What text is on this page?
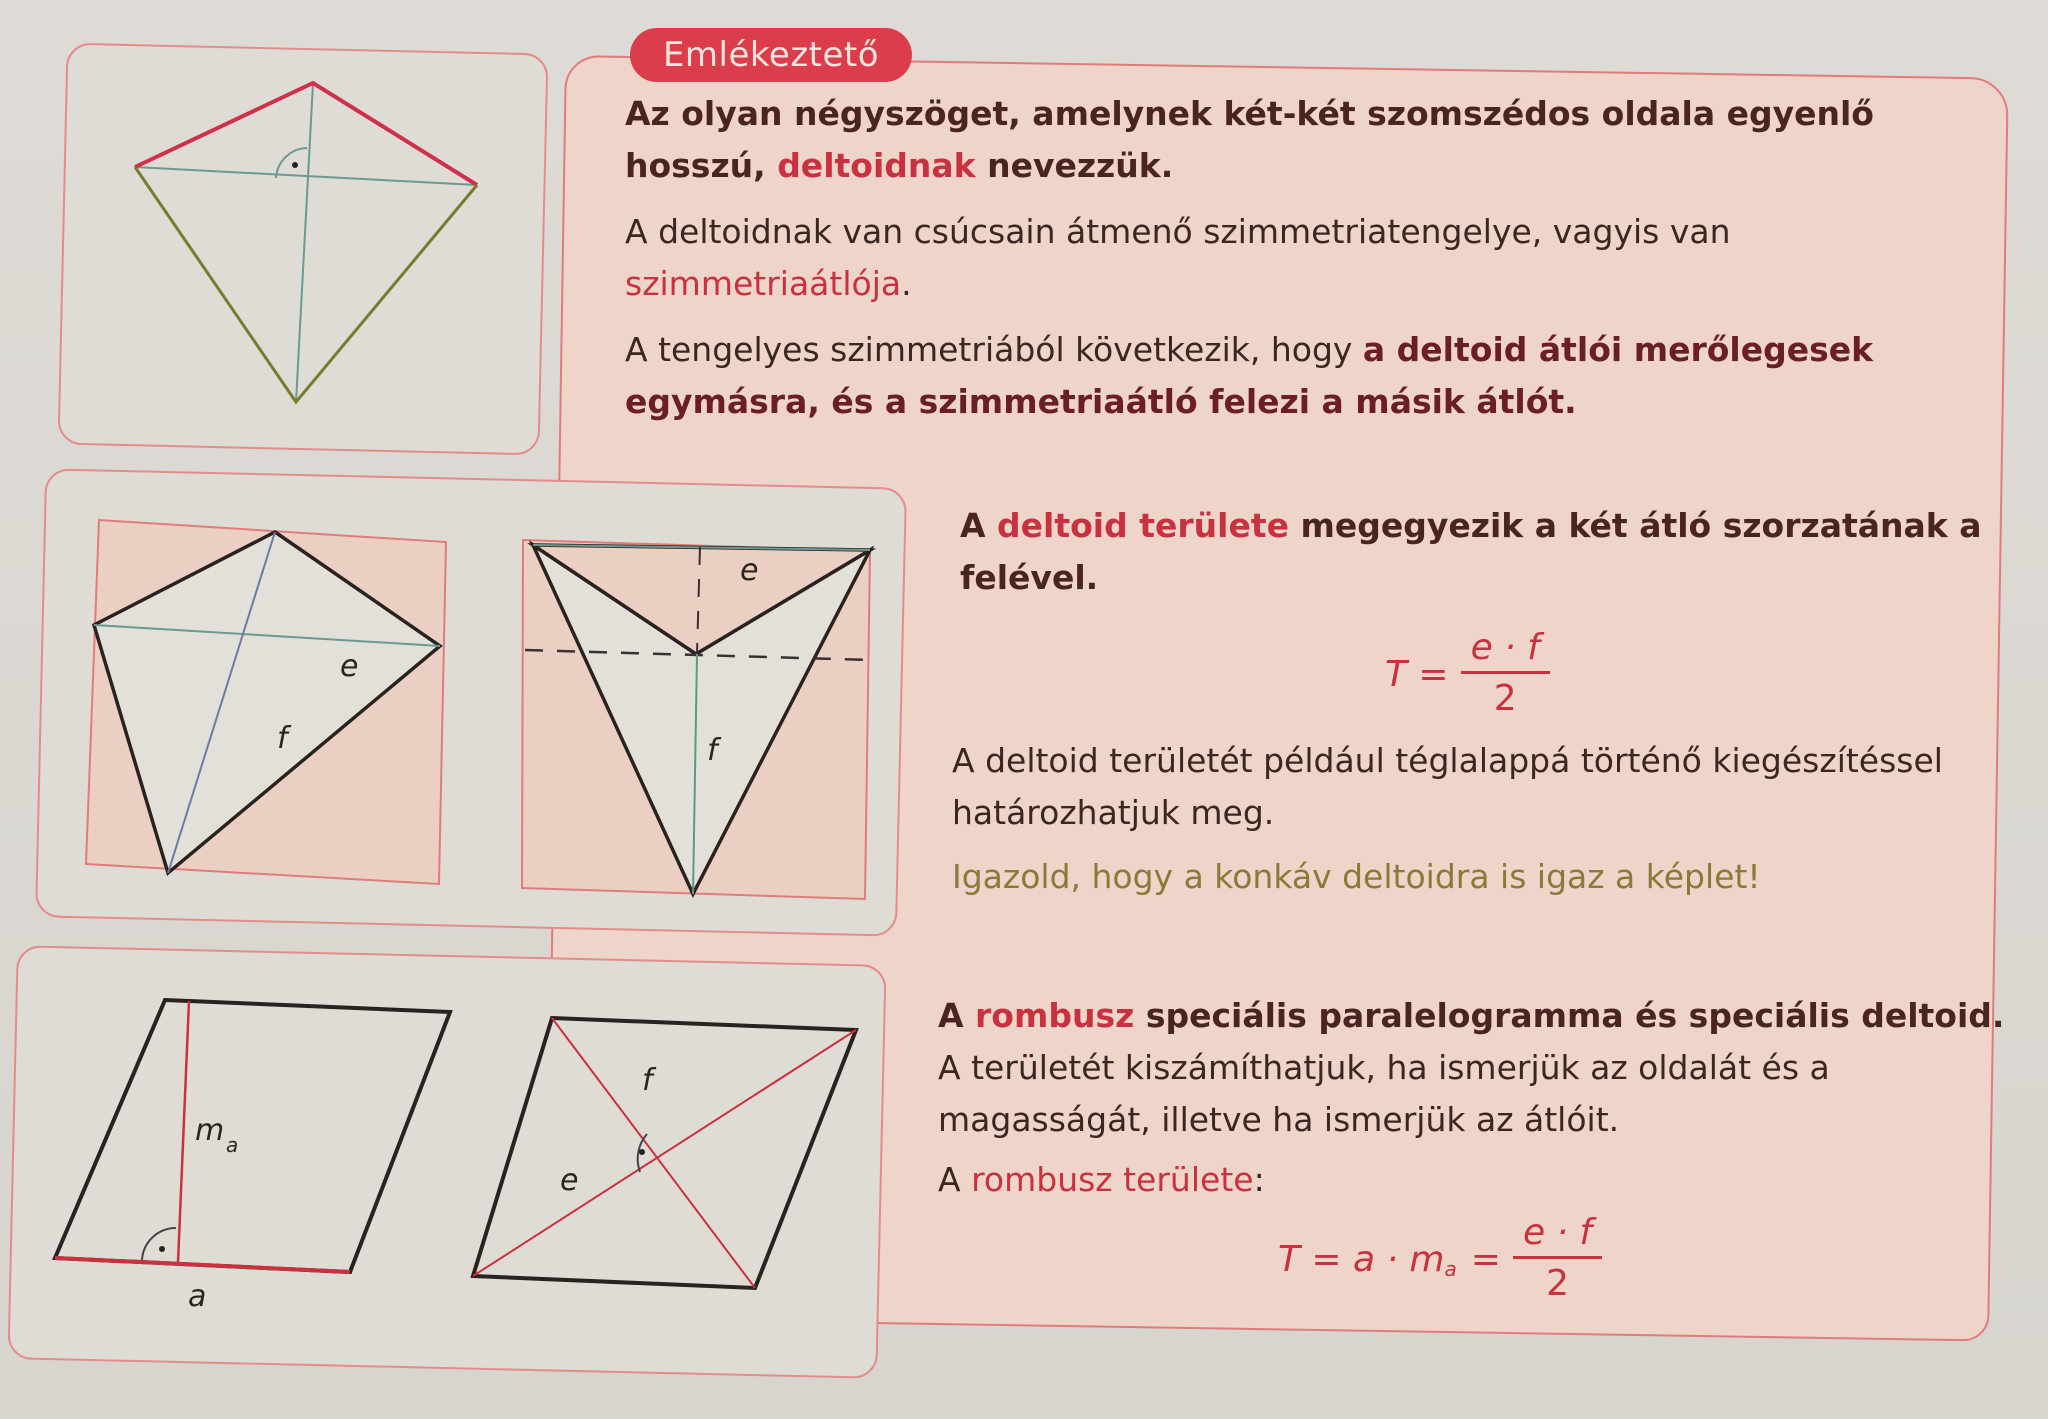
Emlékeztető

Az olyan négyszöget, amelynek két-két szomszédos oldala egyenlő hosszú, deltoidnak nevezzük.

A deltoidnak van csúcsain átmenő szimmetriatengelye, vagyis van szimmetriaátlója.

A tengelyes szimmetriából következik, hogy a deltoid átlói merőlegesek egymásra, és a szimmetriaátló felezi a másik átlót.

e
f
e
f

A deltoid területe megegyezik a két átló szorzatának a felével.

$T = \frac{e \cdot f}{2}$

A deltoid területét például téglalappá történő kiegészítéssel határozhatjuk meg.

Igazold, hogy a konkáv deltoidra is igaz a képlet!

m a
a
f
e

A rombusz speciális paralelogramma és speciális deltoid.

A területét kiszámíthatjuk, ha ismerjük az oldalát és a magasságát, illetve ha ismerjük az átlóit.

A rombusz területe:

$T = a \cdot m_a = \frac{e \cdot f}{2}$
